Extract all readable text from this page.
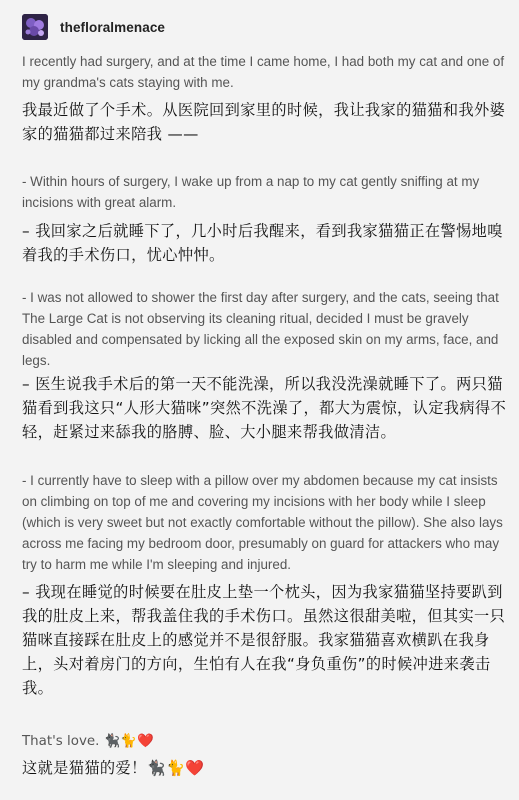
thefloralmenace

I recently had surgery, and at the time I came home, I had both my cat and one of my grandma's cats staying with me.

我最近做了个手术。从医院回到家里的时候，我让我家的猫猫和我外婆家的猫猫都过来陪我 ——

- Within hours of surgery, I wake up from a nap to my cat gently sniffing at my incisions with great alarm.

– 我回家之后就睡下了，几小时后我醒来，看到我家猫猫正在警惕地嗅着我的手术伤口，忧心忡忡。

- I was not allowed to shower the first day after surgery, and the cats, seeing that The Large Cat is not observing its cleaning ritual, decided I must be gravely disabled and compensated by licking all the exposed skin on my arms, face, and legs.

– 医生说我手术后的第一天不能洗澡，所以我没洗澡就睡下了。两只猫猫看到我这只“人形大猫咪”突然不洗澡了，都大为震惊，认定我病得不轻，赶紧过来舔我的胳膊、脸、大小腿来帮我做清洁。

- I currently have to sleep with a pillow over my abdomen because my cat insists on climbing on top of me and covering my incisions with her body while I sleep (which is very sweet but not exactly comfortable without the pillow). She also lays across me facing my bedroom door, presumably on guard for attackers who may try to harm me while I'm sleeping and injured.

– 我现在睡觉的时候要在肚皮上垫一个枕头，因为我家猫猫坚持要趴到我的肚皮上来，帮我盖住我的手术伤口。虽然这很甜美啦，但其实一只猫咪直接踩在肚皮上的感觉并不是很舒服。我家猫猫喜欢横趴在我身上，头对着房门的方向，生怕有人在我“身负重伤”的时候冲进来袭击我。

That's love. 🐈‍⬛🐈❤️

这就是猫猫的爱！🐈‍⬛🐈❤️
